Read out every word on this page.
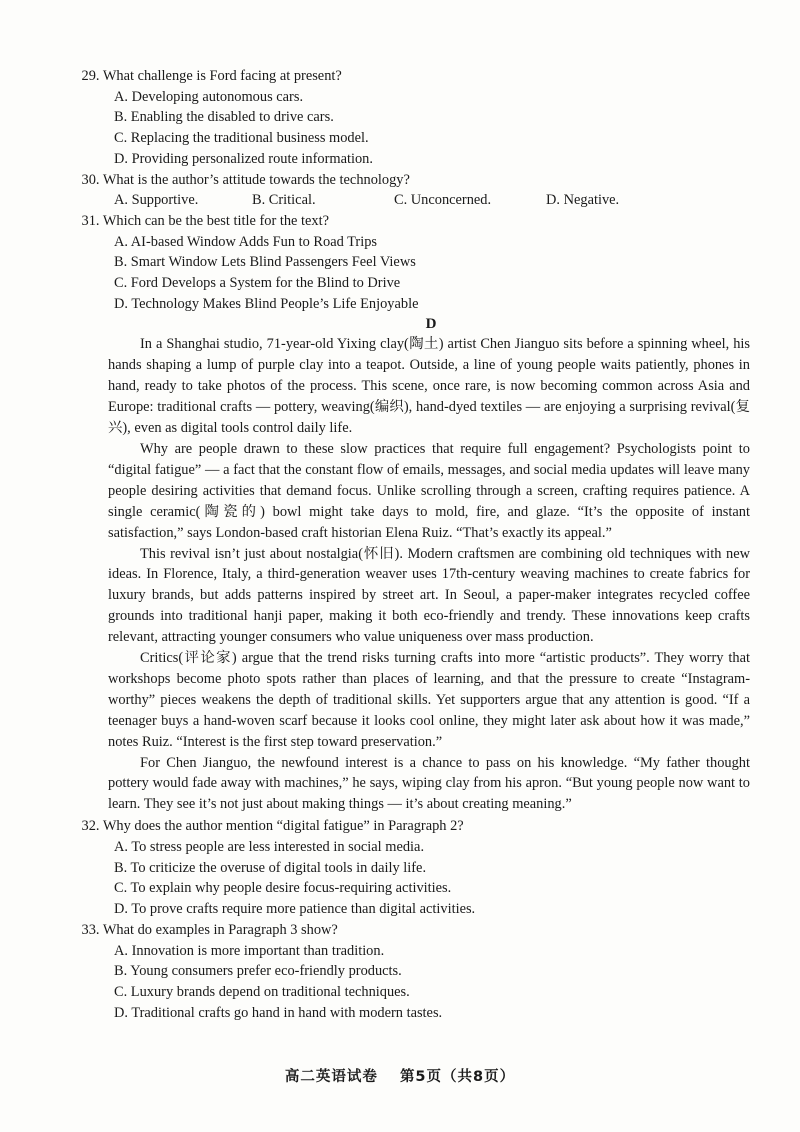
29. What challenge is Ford facing at present?
A. Developing autonomous cars.
B. Enabling the disabled to drive cars.
C. Replacing the traditional business model.
D. Providing personalized route information.
30. What is the author’s attitude towards the technology?
A. Supportive.	B. Critical.	C. Unconcerned.	D. Negative.
31. Which can be the best title for the text?
A. AI-based Window Adds Fun to Road Trips
B. Smart Window Lets Blind Passengers Feel Views
C. Ford Develops a System for the Blind to Drive
D. Technology Makes Blind People’s Life Enjoyable
D

In a Shanghai studio, 71-year-old Yixing clay(陶土) artist Chen Jianguo sits before a spinning wheel, his hands shaping a lump of purple clay into a teapot. Outside, a line of young people waits patiently, phones in hand, ready to take photos of the process. This scene, once rare, is now becoming common across Asia and Europe: traditional crafts — pottery, weaving(编织), hand-dyed textiles — are enjoying a surprising revival(复兴), even as digital tools control daily life.

Why are people drawn to these slow practices that require full engagement? Psychologists point to “digital fatigue” — a fact that the constant flow of emails, messages, and social media updates will leave many people desiring activities that demand focus. Unlike scrolling through a screen, crafting requires patience. A single ceramic(陶瓷的) bowl might take days to mold, fire, and glaze. “It’s the opposite of instant satisfaction,” says London-based craft historian Elena Ruiz. “That’s exactly its appeal.”

This revival isn’t just about nostalgia(怀旧). Modern craftsmen are combining old techniques with new ideas. In Florence, Italy, a third-generation weaver uses 17th-century weaving machines to create fabrics for luxury brands, but adds patterns inspired by street art. In Seoul, a paper-maker integrates recycled coffee grounds into traditional hanji paper, making it both eco-friendly and trendy. These innovations keep crafts relevant, attracting younger consumers who value uniqueness over mass production.

Critics(评论家) argue that the trend risks turning crafts into more “artistic products”. They worry that workshops become photo spots rather than places of learning, and that the pressure to create “Instagram-worthy” pieces weakens the depth of traditional skills. Yet supporters argue that any attention is good. “If a teenager buys a hand-woven scarf because it looks cool online, they might later ask about how it was made,” notes Ruiz. “Interest is the first step toward preservation.”

For Chen Jianguo, the newfound interest is a chance to pass on his knowledge. “My father thought pottery would fade away with machines,” he says, wiping clay from his apron. “But young people now want to learn. They see it’s not just about making things — it’s about creating meaning.”

32. Why does the author mention “digital fatigue” in Paragraph 2?
A. To stress people are less interested in social media.
B. To criticize the overuse of digital tools in daily life.
C. To explain why people desire focus-requiring activities.
D. To prove crafts require more patience than digital activities.
33. What do examples in Paragraph 3 show?
A. Innovation is more important than tradition.
B. Young consumers prefer eco-friendly products.
C. Luxury brands depend on traditional techniques.
D. Traditional crafts go hand in hand with modern tastes.
高二英语试卷 第5页（共8页）
